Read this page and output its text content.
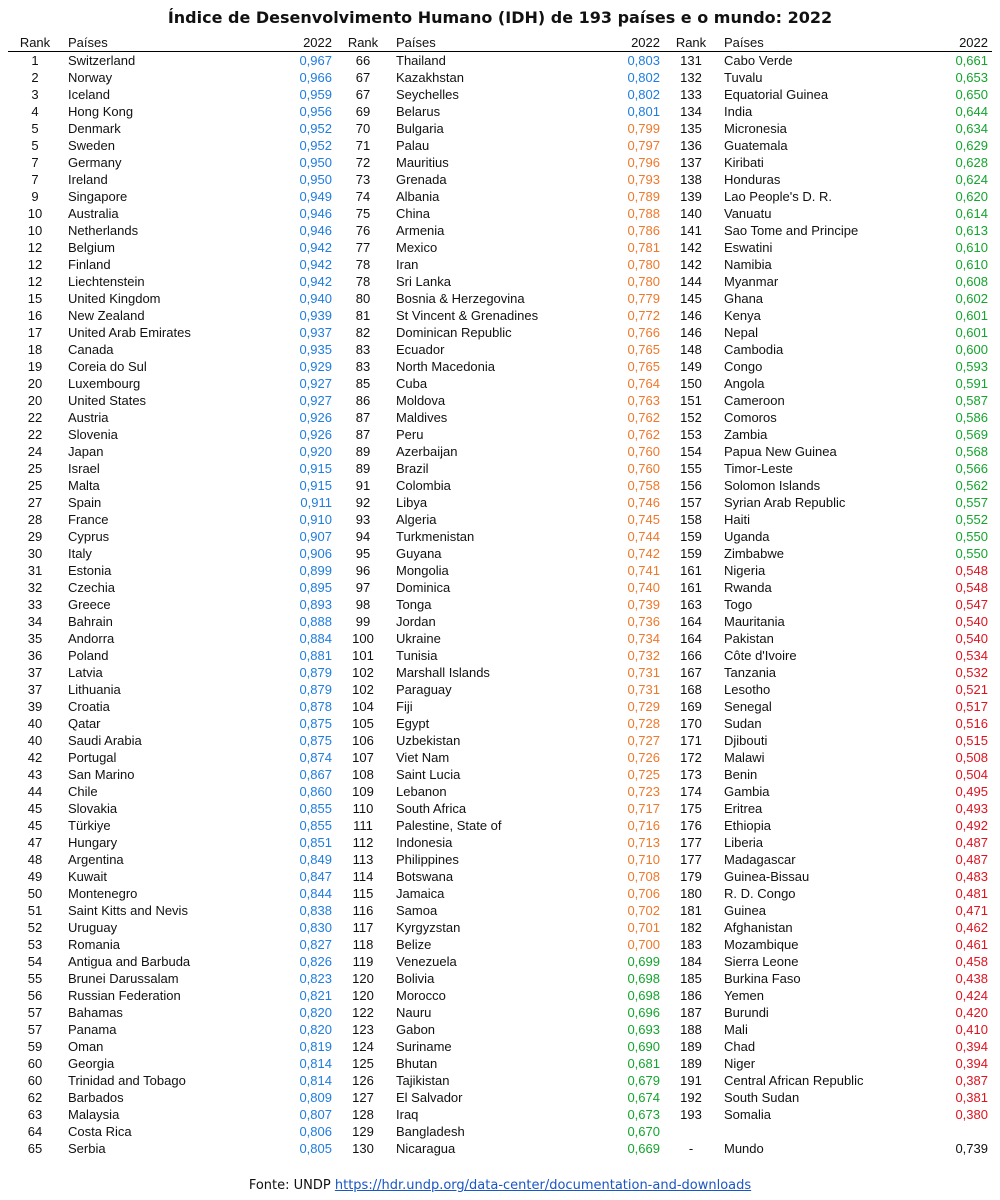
Índice de Desenvolvimento Humano (IDH) de 193 países e o mundo: 2022
Rank	Países	2022
1	Switzerland	0,967
2	Norway	0,966
3	Iceland	0,959
4	Hong Kong	0,956
5	Denmark	0,952
5	Sweden	0,952
7	Germany	0,950
7	Ireland	0,950
9	Singapore	0,949
10	Australia	0,946
10	Netherlands	0,946
12	Belgium	0,942
12	Finland	0,942
12	Liechtenstein	0,942
15	United Kingdom	0,940
16	New Zealand	0,939
17	United Arab Emirates	0,937
18	Canada	0,935
19	Coreia do Sul	0,929
20	Luxembourg	0,927
20	United States	0,927
22	Austria	0,926
22	Slovenia	0,926
24	Japan	0,920
25	Israel	0,915
25	Malta	0,915
27	Spain	0,911
28	France	0,910
29	Cyprus	0,907
30	Italy	0,906
31	Estonia	0,899
32	Czechia	0,895
33	Greece	0,893
34	Bahrain	0,888
35	Andorra	0,884
36	Poland	0,881
37	Latvia	0,879
37	Lithuania	0,879
39	Croatia	0,878
40	Qatar	0,875
40	Saudi Arabia	0,875
42	Portugal	0,874
43	San Marino	0,867
44	Chile	0,860
45	Slovakia	0,855
45	Türkiye	0,855
47	Hungary	0,851
48	Argentina	0,849
49	Kuwait	0,847
50	Montenegro	0,844
51	Saint Kitts and Nevis	0,838
52	Uruguay	0,830
53	Romania	0,827
54	Antigua and Barbuda	0,826
55	Brunei Darussalam	0,823
56	Russian Federation	0,821
57	Bahamas	0,820
57	Panama	0,820
59	Oman	0,819
60	Georgia	0,814
60	Trinidad and Tobago	0,814
62	Barbados	0,809
63	Malaysia	0,807
64	Costa Rica	0,806
65	Serbia	0,805
Rank	Países	2022
66	Thailand	0,803
67	Kazakhstan	0,802
67	Seychelles	0,802
69	Belarus	0,801
70	Bulgaria	0,799
71	Palau	0,797
72	Mauritius	0,796
73	Grenada	0,793
74	Albania	0,789
75	China	0,788
76	Armenia	0,786
77	Mexico	0,781
78	Iran	0,780
78	Sri Lanka	0,780
80	Bosnia & Herzegovina	0,779
81	St Vincent & Grenadines	0,772
82	Dominican Republic	0,766
83	Ecuador	0,765
83	North Macedonia	0,765
85	Cuba	0,764
86	Moldova	0,763
87	Maldives	0,762
87	Peru	0,762
89	Azerbaijan	0,760
89	Brazil	0,760
91	Colombia	0,758
92	Libya	0,746
93	Algeria	0,745
94	Turkmenistan	0,744
95	Guyana	0,742
96	Mongolia	0,741
97	Dominica	0,740
98	Tonga	0,739
99	Jordan	0,736
100	Ukraine	0,734
101	Tunisia	0,732
102	Marshall Islands	0,731
102	Paraguay	0,731
104	Fiji	0,729
105	Egypt	0,728
106	Uzbekistan	0,727
107	Viet Nam	0,726
108	Saint Lucia	0,725
109	Lebanon	0,723
110	South Africa	0,717
111	Palestine, State of	0,716
112	Indonesia	0,713
113	Philippines	0,710
114	Botswana	0,708
115	Jamaica	0,706
116	Samoa	0,702
117	Kyrgyzstan	0,701
118	Belize	0,700
119	Venezuela	0,699
120	Bolivia	0,698
120	Morocco	0,698
122	Nauru	0,696
123	Gabon	0,693
124	Suriname	0,690
125	Bhutan	0,681
126	Tajikistan	0,679
127	El Salvador	0,674
128	Iraq	0,673
129	Bangladesh	0,670
130	Nicaragua	0,669
Rank	Países	2022
131	Cabo Verde	0,661
132	Tuvalu	0,653
133	Equatorial Guinea	0,650
134	India	0,644
135	Micronesia	0,634
136	Guatemala	0,629
137	Kiribati	0,628
138	Honduras	0,624
139	Lao People's D. R.	0,620
140	Vanuatu	0,614
141	Sao Tome and Principe	0,613
142	Eswatini	0,610
142	Namibia	0,610
144	Myanmar	0,608
145	Ghana	0,602
146	Kenya	0,601
146	Nepal	0,601
148	Cambodia	0,600
149	Congo	0,593
150	Angola	0,591
151	Cameroon	0,587
152	Comoros	0,586
153	Zambia	0,569
154	Papua New Guinea	0,568
155	Timor-Leste	0,566
156	Solomon Islands	0,562
157	Syrian Arab Republic	0,557
158	Haiti	0,552
159	Uganda	0,550
159	Zimbabwe	0,550
161	Nigeria	0,548
161	Rwanda	0,548
163	Togo	0,547
164	Mauritania	0,540
164	Pakistan	0,540
166	Côte d'Ivoire	0,534
167	Tanzania	0,532
168	Lesotho	0,521
169	Senegal	0,517
170	Sudan	0,516
171	Djibouti	0,515
172	Malawi	0,508
173	Benin	0,504
174	Gambia	0,495
175	Eritrea	0,493
176	Ethiopia	0,492
177	Liberia	0,487
177	Madagascar	0,487
179	Guinea-Bissau	0,483
180	R. D. Congo	0,481
181	Guinea	0,471
182	Afghanistan	0,462
183	Mozambique	0,461
184	Sierra Leone	0,458
185	Burkina Faso	0,438
186	Yemen	0,424
187	Burundi	0,420
188	Mali	0,410
189	Chad	0,394
189	Niger	0,394
191	Central African Republic	0,387
192	South Sudan	0,381
193	Somalia	0,380
-	Mundo	0,739
Fonte: UNDP https://hdr.undp.org/data-center/documentation-and-downloads
